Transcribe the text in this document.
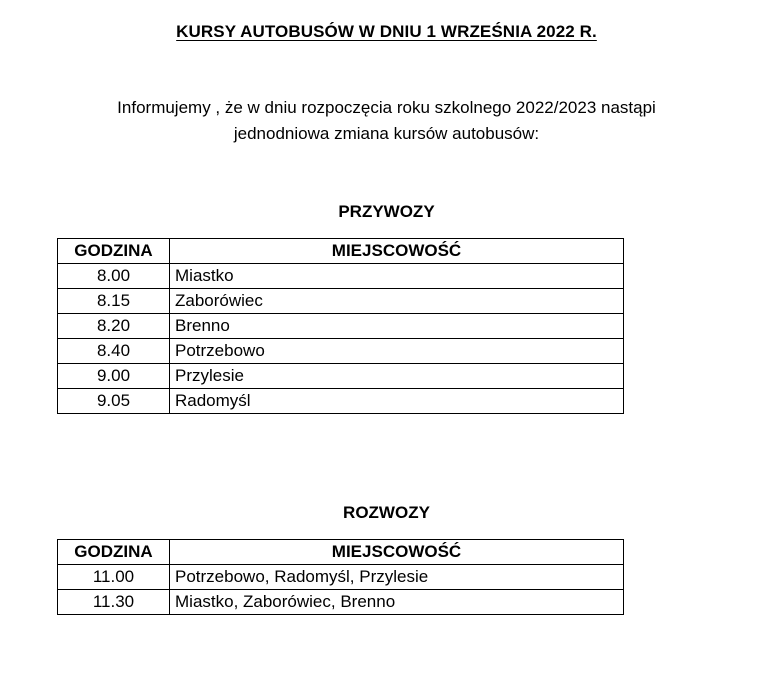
KURSY AUTOBUSÓW W DNIU 1 WRZEŚNIA 2022 R.
Informujemy , że w dniu rozpoczęcia roku szkolnego 2022/2023 nastąpi
jednodniowa zmiana kursów autobusów:
PRZYWOZY
GODZINA	MIEJSCOWOŚĆ
8.00	Miastko
8.15	Zaborówiec
8.20	Brenno
8.40	Potrzebowo
9.00	Przylesie
9.05	Radomyśl
ROZWOZY
GODZINA	MIEJSCOWOŚĆ
11.00	Potrzebowo, Radomyśl, Przylesie
11.30	Miastko, Zaborówiec, Brenno
